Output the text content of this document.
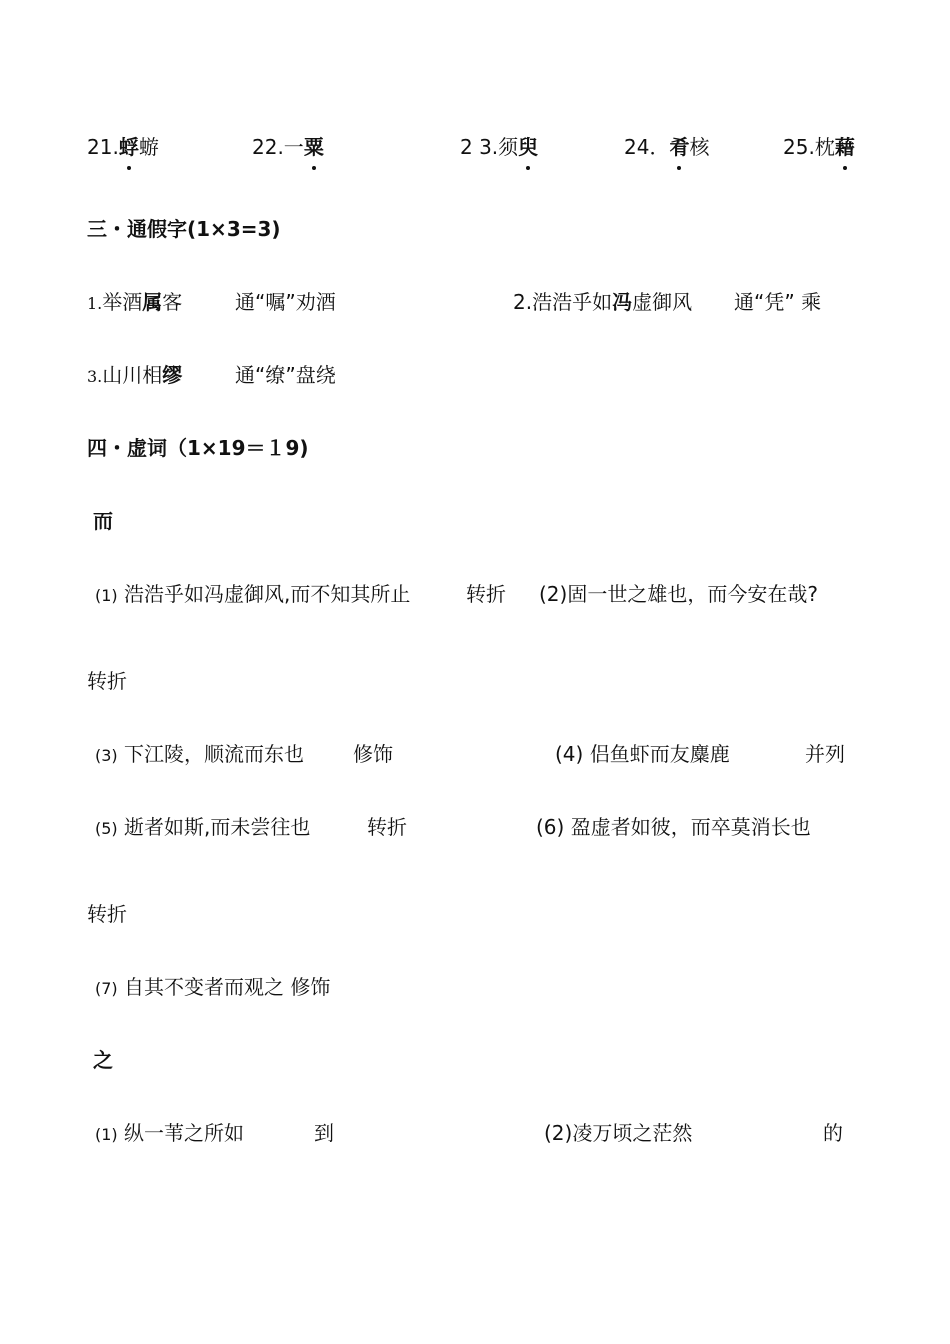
21.蜉蝣	22.一粟	2 3.须臾	24．肴核	25.枕藉
三・通假字(1×3=3)
1.举酒属客	通“嘱”劝酒	2.浩浩乎如冯虚御风 通“凭” 乘
3.山川相缪	通“缭”盘绕
四・虚词（1×19＝１9)
而
(1) 浩浩乎如冯虚御风,而不知其所止	转折 (2)固一世之雄也，而今安在哉?
转折
(3) 下江陵，顺流而东也 修饰	(4) 侣鱼虾而友麋鹿	并列
(5) 逝者如斯,而未尝往也	转折	(6) 盈虚者如彼，而卒莫消长也
转折
(7) 自其不变者而观之 修饰
之
(1) 纵一苇之所如	到	(2)凌万顷之茫然	的
